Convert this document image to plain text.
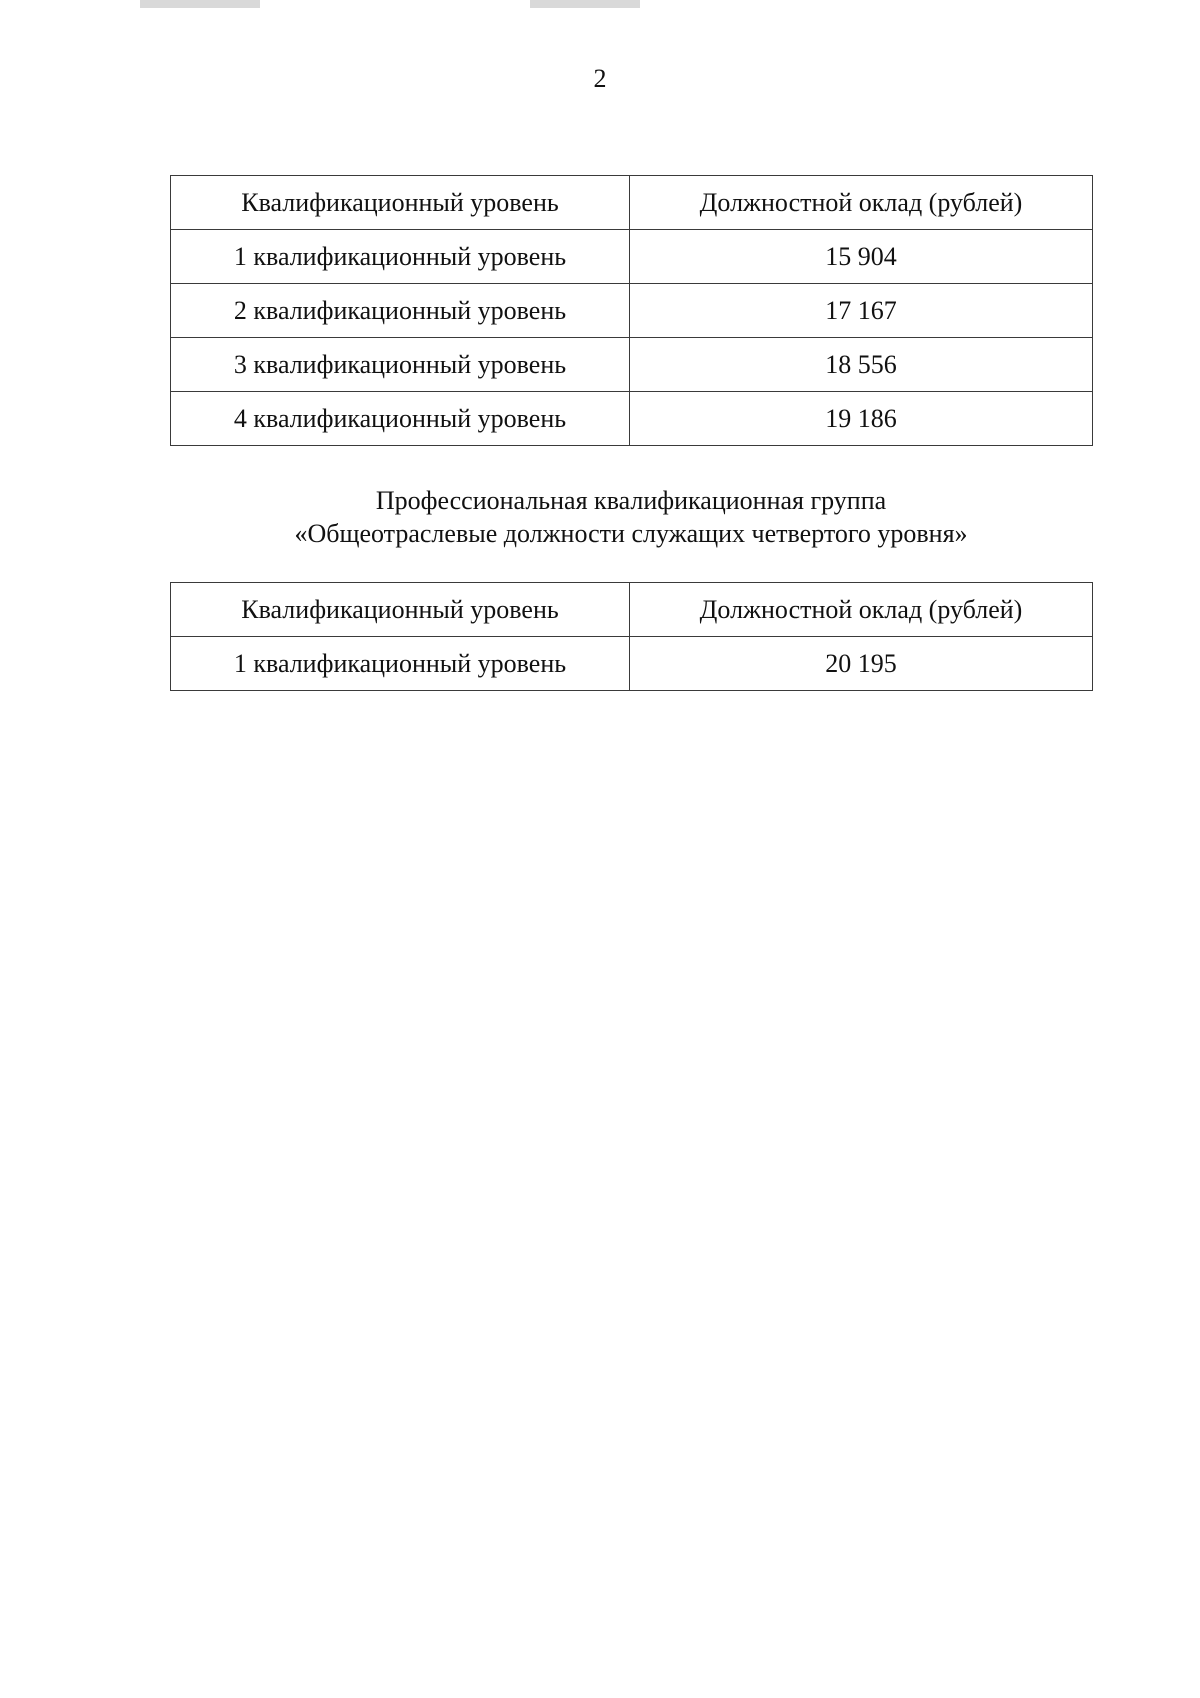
2
Квалификационный уровень	Должностной оклад (рублей)
1 квалификационный уровень	15 904
2 квалификационный уровень	17 167
3 квалификационный уровень	18 556
4 квалификационный уровень	19 186
Профессиональная квалификационная группа
«Общеотраслевые должности служащих четвертого уровня»
Квалификационный уровень	Должностной оклад (рублей)
1 квалификационный уровень	20 195
